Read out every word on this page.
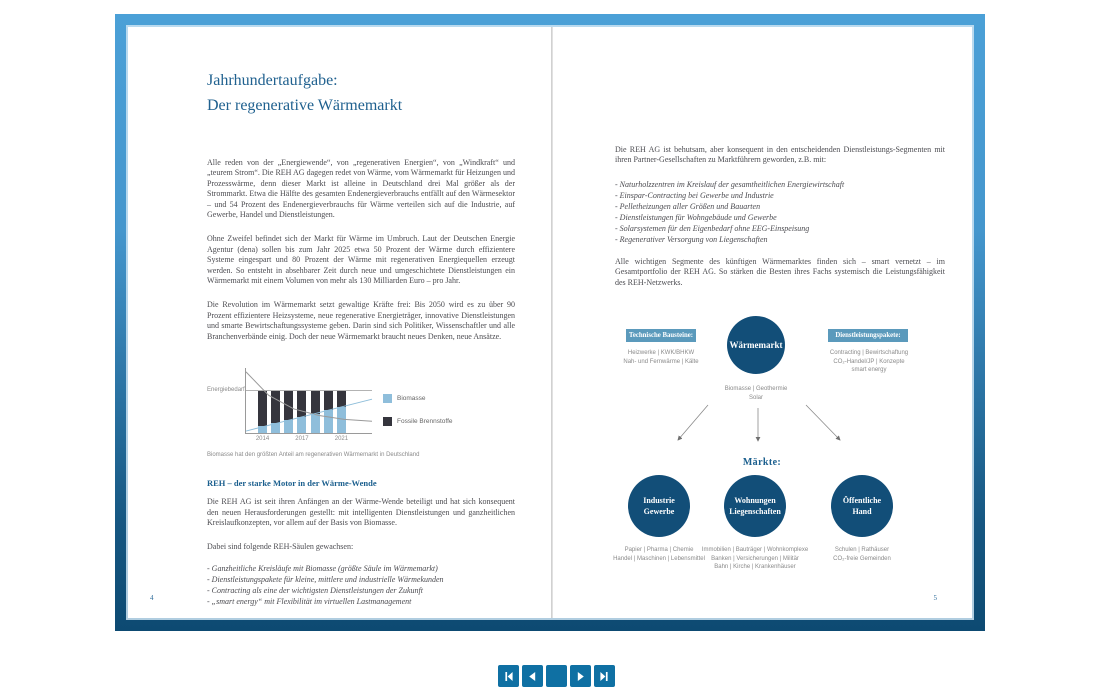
Jahrhundertaufgabe:
Der regenerative Wärmemarkt

Alle reden von der „Energiewende“, von „regenerativen Energien“, von „Windkraft“ und „teurem Strom“. Die REH AG dagegen redet von Wärme, vom Wärmemarkt für Heizungen und Prozesswärme, denn dieser Markt ist alleine in Deutschland drei Mal größer als der Strommarkt. Etwa die Hälfte des gesamten Endenergieverbrauchs entfällt auf den Wärmesektor – und 54 Prozent des Endenergieverbrauchs für Wärme verteilen sich auf die Industrie, auf Gewerbe, Handel und Dienstleistungen.

Ohne Zweifel befindet sich der Markt für Wärme im Umbruch. Laut der Deutschen Energie Agentur (dena) sollen bis zum Jahr 2025 etwa 50 Prozent der Wärme durch effizientere Systeme eingespart und 80 Prozent der Wärme mit regenerativen Energiequellen erzeugt werden. So entsteht in absehbarer Zeit durch neue und umgeschichtete Dienstleistungen ein Wärmemarkt mit einem Volumen von mehr als 130 Milliarden Euro – pro Jahr.

Die Revolution im Wärmemarkt setzt gewaltige Kräfte frei: Bis 2050 wird es zu über 90 Prozent effizientere Heizsysteme, neue regenerative Energieträger, innovative Dienstleistungen und smarte Bewirtschaftungssysteme geben. Darin sind sich Politiker, Wissenschaftler und alle Branchenverbände einig. Doch der neue Wärmemarkt braucht neues Denken, neue Ansätze.

Energiebedarf
2014	2017	2021
Biomasse
Fossile Brennstoffe
Biomasse hat den größten Anteil am regenerativen Wärmemarkt in Deutschland
REH – der starke Motor in der Wärme-Wende

Die REH AG ist seit ihren Anfängen an der Wärme-Wende beteiligt und hat sich konsequent den neuen Herausforderungen gestellt: mit intelligenten Dienstleistungen und ganzheitlichen Kreislaufkonzepten, vor allem auf der Basis von Biomasse.

Dabei sind folgende REH-Säulen gewachsen:

- Ganzheitliche Kreisläufe mit Biomasse (größte Säule im Wärmemarkt)
- Dienstleistungspakete für kleine, mittlere und industrielle Wärmekunden
- Contracting als eine der wichtigsten Dienstleistungen der Zukunft
- „smart energy“ mit Flexibilität im virtuellen Lastmanagement
4

Die REH AG ist behutsam, aber konsequent in den entscheidenden Dienstleistungs-Segmenten mit ihren Partner-Gesellschaften zu Marktführern geworden, z.B. mit:

- Naturholzzentren im Kreislauf der gesamtheitlichen Energiewirtschaft
- Einspar-Contracting bei Gewerbe und Industrie
- Pelletheizungen aller Größen und Bauarten
- Dienstleistungen für Wohngebäude und Gewerbe
- Solarsystemen für den Eigenbedarf ohne EEG-Einspeisung
- Regenerativer Versorgung von Liegenschaften

Alle wichtigen Segmente des künftigen Wärmemarktes finden sich – smart vernetzt – im Gesamtportfolio der REH AG. So stärken die Besten ihres Fachs systemisch die Leistungsfähigkeit des REH-Netzwerks.

Technische Bausteine:
Heizwerke | KWK/BHKW
Nah- und Fernwärme | Kälte
Wärmemarkt
Biomasse | Geothermie
Solar
Dienstleistungspakete:
Contracting | Bewirtschaftung
CO₂-Handel/JP | Konzepte
smart energy
Märkte:
Industrie
Gewerbe
Papier | Pharma | Chemie
Handel | Maschinen | Lebensmittel
Wohnungen
Liegenschaften
Immobilien | Bauträger | Wohnkomplexe
Banken | Versicherungen | Militär
Bahn | Kirche | Krankenhäuser
Öffentliche
Hand
Schulen | Rathäuser
CO₂-freie Gemeinden
5
